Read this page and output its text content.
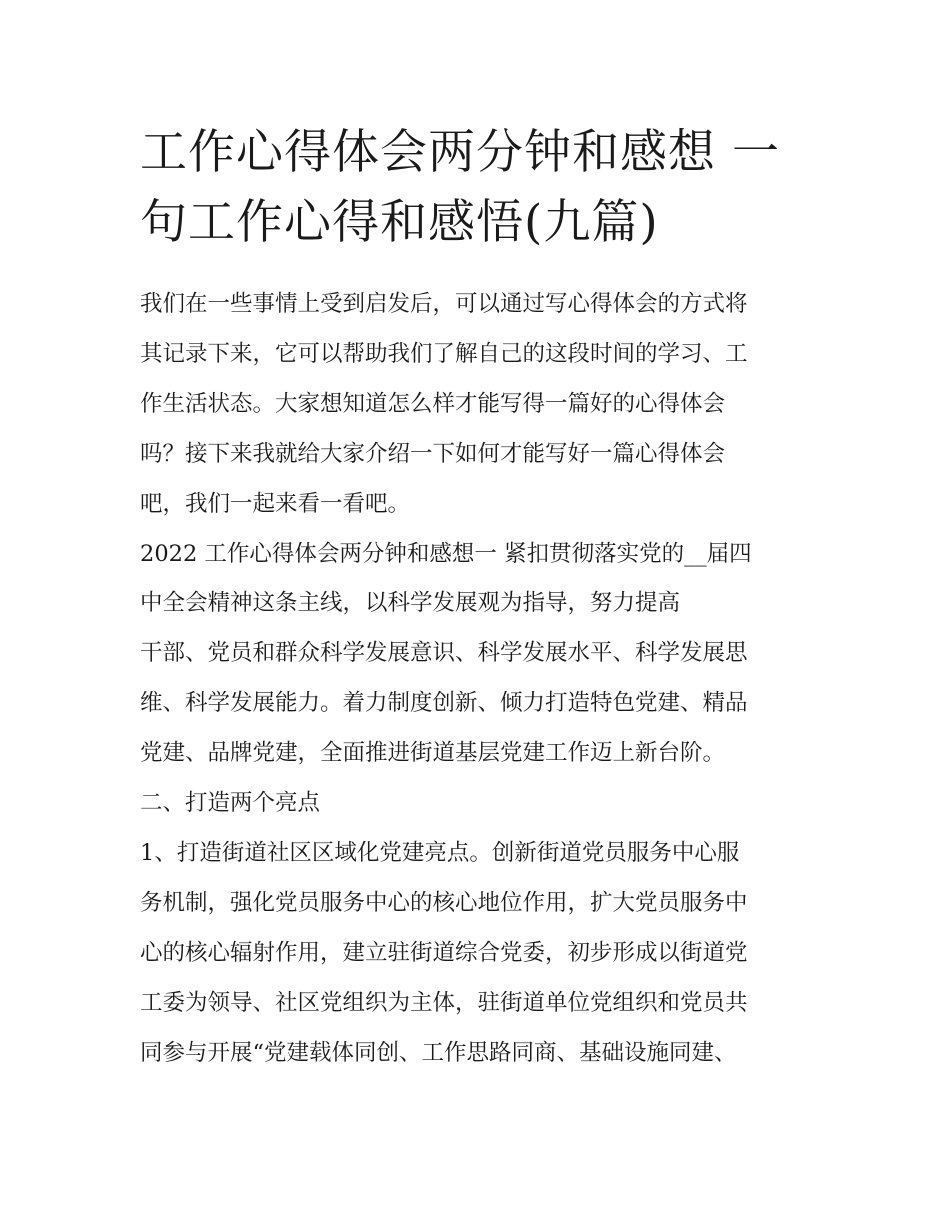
工作心得体会两分钟和感想 一
句工作心得和感悟(九篇)
我们在一些事情上受到启发后，可以通过写心得体会的方式将
其记录下来，它可以帮助我们了解自己的这段时间的学习、工
作生活状态。大家想知道怎么样才能写得一篇好的心得体会
吗？接下来我就给大家介绍一下如何才能写好一篇心得体会
吧，我们一起来看一看吧。
2022 工作心得体会两分钟和感想一 紧扣贯彻落实党的__届四
中全会精神这条主线，以科学发展观为指导，努力提高
干部、党员和群众科学发展意识、科学发展水平、科学发展思
维、科学发展能力。着力制度创新、倾力打造特色党建、精品
党建、品牌党建，全面推进街道基层党建工作迈上新台阶。
二、打造两个亮点
1、打造街道社区区域化党建亮点。创新街道党员服务中心服
务机制，强化党员服务中心的核心地位作用，扩大党员服务中
心的核心辐射作用，建立驻街道综合党委，初步形成以街道党
工委为领导、社区党组织为主体，驻街道单位党组织和党员共
同参与开展“党建载体同创、工作思路同商、基础设施同建、
